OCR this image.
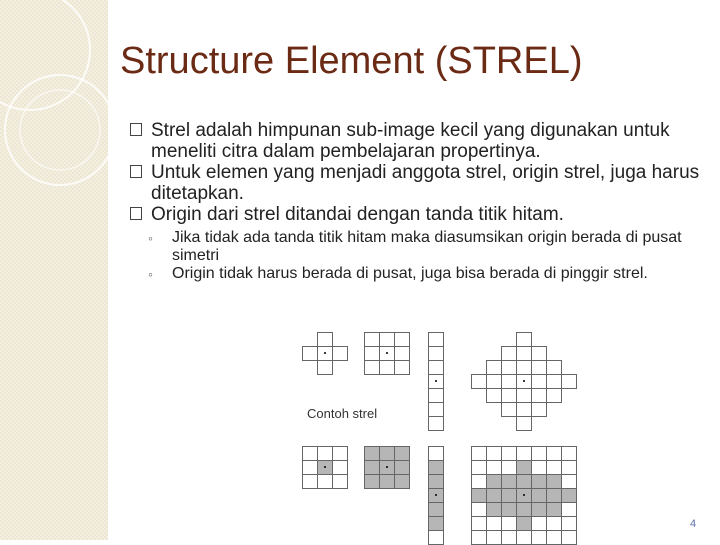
Structure Element (STREL)
Strel adalah himpunan sub-image kecil yang digunakan untuk meneliti citra dalam pembelajaran propertinya.
Untuk elemen yang menjadi anggota strel, origin strel, juga harus ditetapkan.
Origin dari strel ditandai dengan tanda titik hitam.
◦ Jika tidak ada tanda titik hitam maka diasumsikan origin berada di pusat simetri
◦ Origin tidak harus berada di pusat, juga bisa berada di pinggir strel.

Contoh strel

4
